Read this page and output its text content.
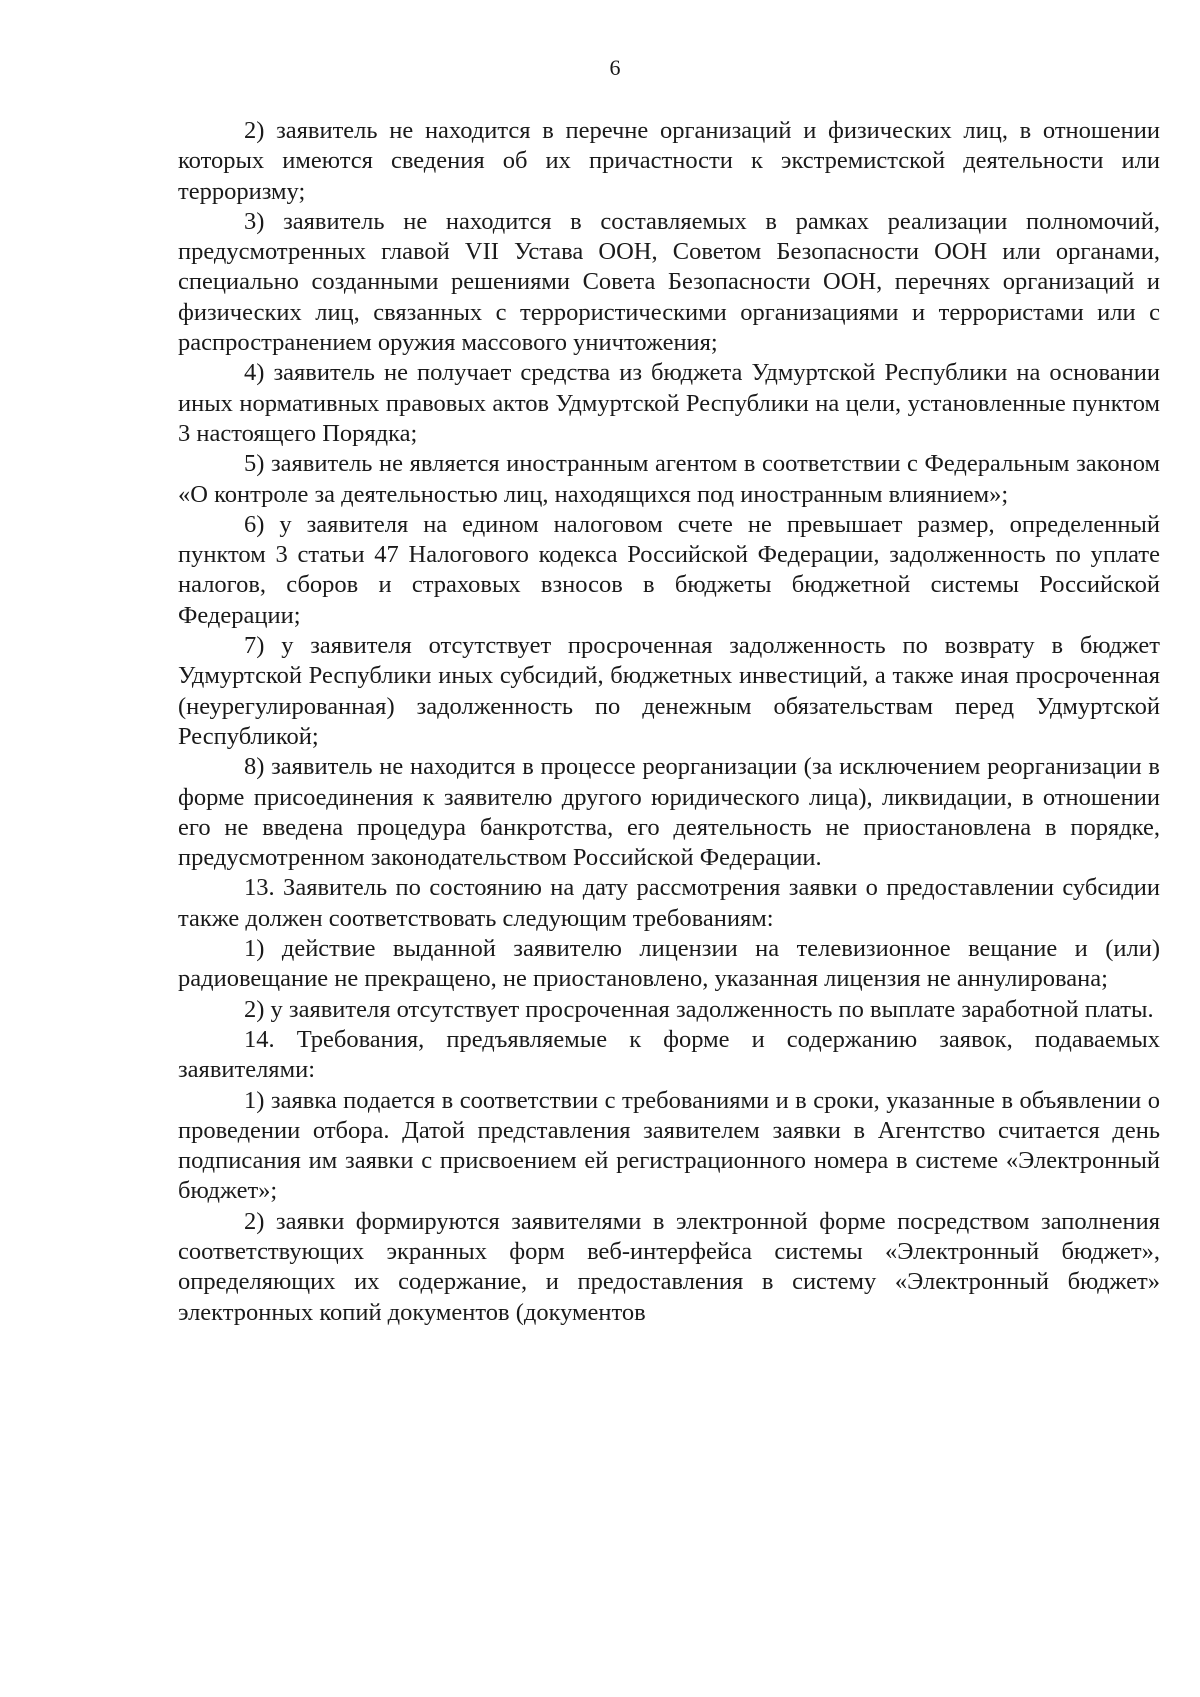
6

2) заявитель не находится в перечне организаций и физических лиц, в отношении которых имеются сведения об их причастности к экстремистской деятельности или терроризму;

3) заявитель не находится в составляемых в рамках реализации полномочий, предусмотренных главой VII Устава ООН, Советом Безопасности ООН или органами, специально созданными решениями Совета Безопасности ООН, перечнях организаций и физических лиц, связанных с террористическими организациями и террористами или с распространением оружия массового уничтожения;

4) заявитель не получает средства из бюджета Удмуртской Республики на основании иных нормативных правовых актов Удмуртской Республики на цели, установленные пунктом 3 настоящего Порядка;

5) заявитель не является иностранным агентом в соответствии с Федеральным законом «О контроле за деятельностью лиц, находящихся под иностранным влиянием»;

6) у заявителя на едином налоговом счете не превышает размер, определенный пунктом 3 статьи 47 Налогового кодекса Российской Федерации, задолженность по уплате налогов, сборов и страховых взносов в бюджеты бюджетной системы Российской Федерации;

7) у заявителя отсутствует просроченная задолженность по возврату в бюджет Удмуртской Республики иных субсидий, бюджетных инвестиций, а также иная просроченная (неурегулированная) задолженность по денежным обязательствам перед Удмуртской Республикой;

8) заявитель не находится в процессе реорганизации (за исключением реорганизации в форме присоединения к заявителю другого юридического лица), ликвидации, в отношении его не введена процедура банкротства, его деятельность не приостановлена в порядке, предусмотренном законодательством Российской Федерации.

13. Заявитель по состоянию на дату рассмотрения заявки о предоставлении субсидии также должен соответствовать следующим требованиям:

1) действие выданной заявителю лицензии на телевизионное вещание и (или) радиовещание не прекращено, не приостановлено, указанная лицензия не аннулирована;

2) у заявителя отсутствует просроченная задолженность по выплате заработной платы.

14. Требования, предъявляемые к форме и содержанию заявок, подаваемых заявителями:

1) заявка подается в соответствии с требованиями и в сроки, указанные в объявлении о проведении отбора. Датой представления заявителем заявки в Агентство считается день подписания им заявки с присвоением ей регистрационного номера в системе «Электронный бюджет»;

2) заявки формируются заявителями в электронной форме посредством заполнения соответствующих экранных форм веб-интерфейса системы «Электронный бюджет», определяющих их содержание, и предоставления в систему «Электронный бюджет» электронных копий документов (документов
